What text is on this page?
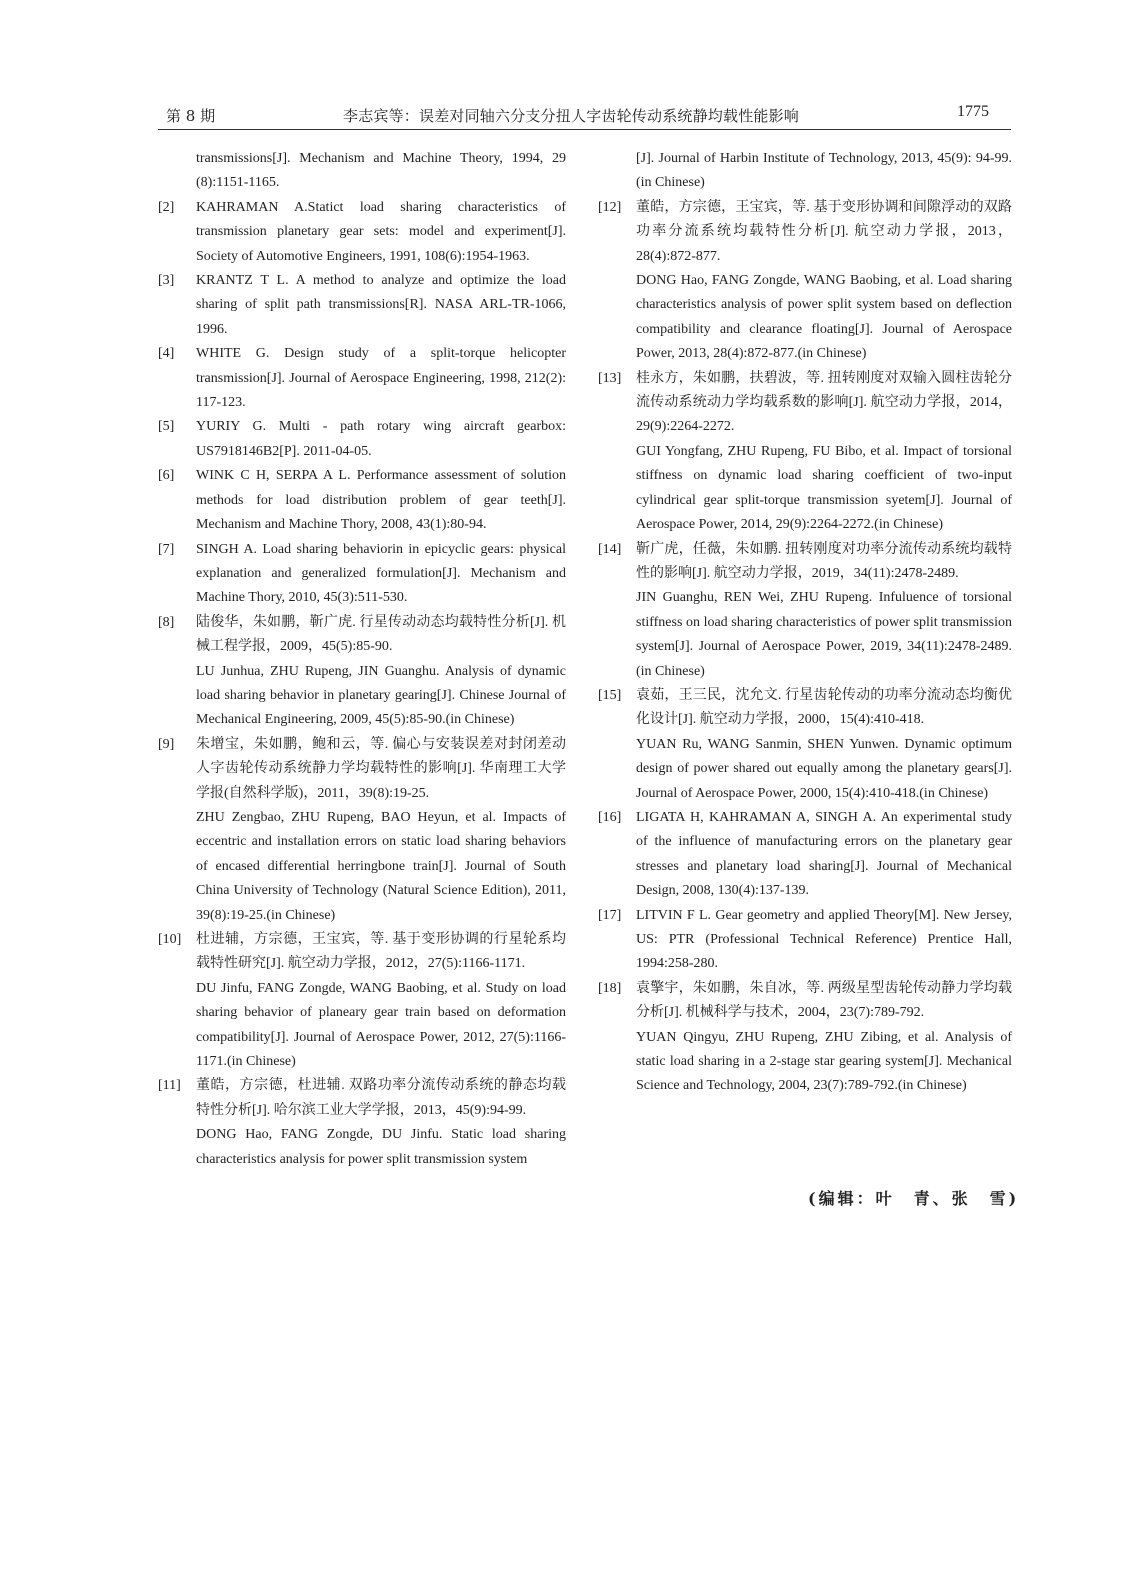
第 8 期	李志宾等：误差对同轴六分支分扭人字齿轮传动系统静均载性能影响	1775
transmissions[J]. Mechanism and Machine Theory, 1994, 29 (8):1151-1165.
[2] KAHRAMAN A.Statict load sharing characteristics of transmission planetary gear sets: model and experiment[J]. Society of Automotive Engineers, 1991, 108(6):1954-1963.
[3] KRANTZ T L. A method to analyze and optimize the load sharing of split path transmissions[R]. NASA ARL-TR-1066, 1996.
[4] WHITE G. Design study of a split-torque helicopter transmission[J]. Journal of Aerospace Engineering, 1998, 212(2): 117-123.
[5] YURIY G. Multi - path rotary wing aircraft gearbox: US7918146B2[P]. 2011-04-05.
[6] WINK C H, SERPA A L. Performance assessment of solution methods for load distribution problem of gear teeth[J]. Mechanism and Machine Thory, 2008, 43(1):80-94.
[7] SINGH A. Load sharing behaviorin in epicyclic gears: physical explanation and generalized formulation[J]. Mechanism and Machine Thory, 2010, 45(3):511-530.
[8] 陆俊华，朱如鹏，靳广虎. 行星传动动态均载特性分析[J]. 机械工程学报，2009，45(5):85-90.
LU Junhua, ZHU Rupeng, JIN Guanghu. Analysis of dynamic load sharing behavior in planetary gearing[J]. Chinese Journal of Mechanical Engineering, 2009, 45(5):85-90.(in Chinese)
[9] 朱增宝，朱如鹏，鲍和云，等. 偏心与安装误差对封闭差动人字齿轮传动系统静力学均载特性的影响[J]. 华南理工大学学报(自然科学版)，2011，39(8):19-25.
ZHU Zengbao, ZHU Rupeng, BAO Heyun, et al. Impacts of eccentric and installation errors on static load sharing behaviors of encased differential herringbone train[J]. Journal of South China University of Technology (Natural Science Edition), 2011, 39(8):19-25.(in Chinese)
[10] 杜进辅，方宗德，王宝宾，等. 基于变形协调的行星轮系均载特性研究[J]. 航空动力学报，2012，27(5):1166-1171.
DU Jinfu, FANG Zongde, WANG Baobing, et al. Study on load sharing behavior of planeary gear train based on deformation compatibility[J]. Journal of Aerospace Power, 2012, 27(5):1166-1171.(in Chinese)
[11] 董皓，方宗德，杜进辅. 双路功率分流传动系统的静态均载特性分析[J]. 哈尔滨工业大学学报，2013，45(9):94-99.
DONG Hao, FANG Zongde, DU Jinfu. Static load sharing characteristics analysis for power split transmission system
[J]. Journal of Harbin Institute of Technology, 2013, 45(9): 94-99.(in Chinese)
[12] 董皓，方宗德，王宝宾，等. 基于变形协调和间隙浮动的双路功率分流系统均载特性分析[J]. 航空动力学报，2013，28(4):872-877.
DONG Hao, FANG Zongde, WANG Baobing, et al. Load sharing characteristics analysis of power split system based on deflection compatibility and clearance floating[J]. Journal of Aerospace Power, 2013, 28(4):872-877.(in Chinese)
[13] 桂永方，朱如鹏，扶碧波，等. 扭转刚度对双输入圆柱齿轮分流传动系统动力学均载系数的影响[J]. 航空动力学报，2014，29(9):2264-2272.
GUI Yongfang, ZHU Rupeng, FU Bibo, et al. Impact of torsional stiffness on dynamic load sharing coefficient of two-input cylindrical gear split-torque transmission syetem[J]. Journal of Aerospace Power, 2014, 29(9):2264-2272.(in Chinese)
[14] 靳广虎，任薇，朱如鹏. 扭转刚度对功率分流传动系统均载特性的影响[J]. 航空动力学报，2019，34(11):2478-2489.
JIN Guanghu, REN Wei, ZHU Rupeng. Infuluence of torsional stiffness on load sharing characteristics of power split transmission system[J]. Journal of Aerospace Power, 2019, 34(11):2478-2489.(in Chinese)
[15] 袁茹，王三民，沈允文. 行星齿轮传动的功率分流动态均衡优化设计[J]. 航空动力学报，2000，15(4):410-418.
YUAN Ru, WANG Sanmin, SHEN Yunwen. Dynamic optimum design of power shared out equally among the planetary gears[J]. Journal of Aerospace Power, 2000, 15(4):410-418.(in Chinese)
[16] LIGATA H, KAHRAMAN A, SINGH A. An experimental study of the influence of manufacturing errors on the planetary gear stresses and planetary load sharing[J]. Journal of Mechanical Design, 2008, 130(4):137-139.
[17] LITVIN F L. Gear geometry and applied Theory[M]. New Jersey, US: PTR (Professional Technical Reference) Prentice Hall, 1994:258-280.
[18] 袁擎宇，朱如鹏，朱自冰，等. 两级星型齿轮传动静力学均载分析[J]. 机械科学与技术，2004，23(7):789-792.
YUAN Qingyu, ZHU Rupeng, ZHU Zibing, et al. Analysis of static load sharing in a 2-stage star gearing system[J]. Mechanical Science and Technology, 2004, 23(7):789-792.(in Chinese)
(编辑：叶　青、张　雪)
